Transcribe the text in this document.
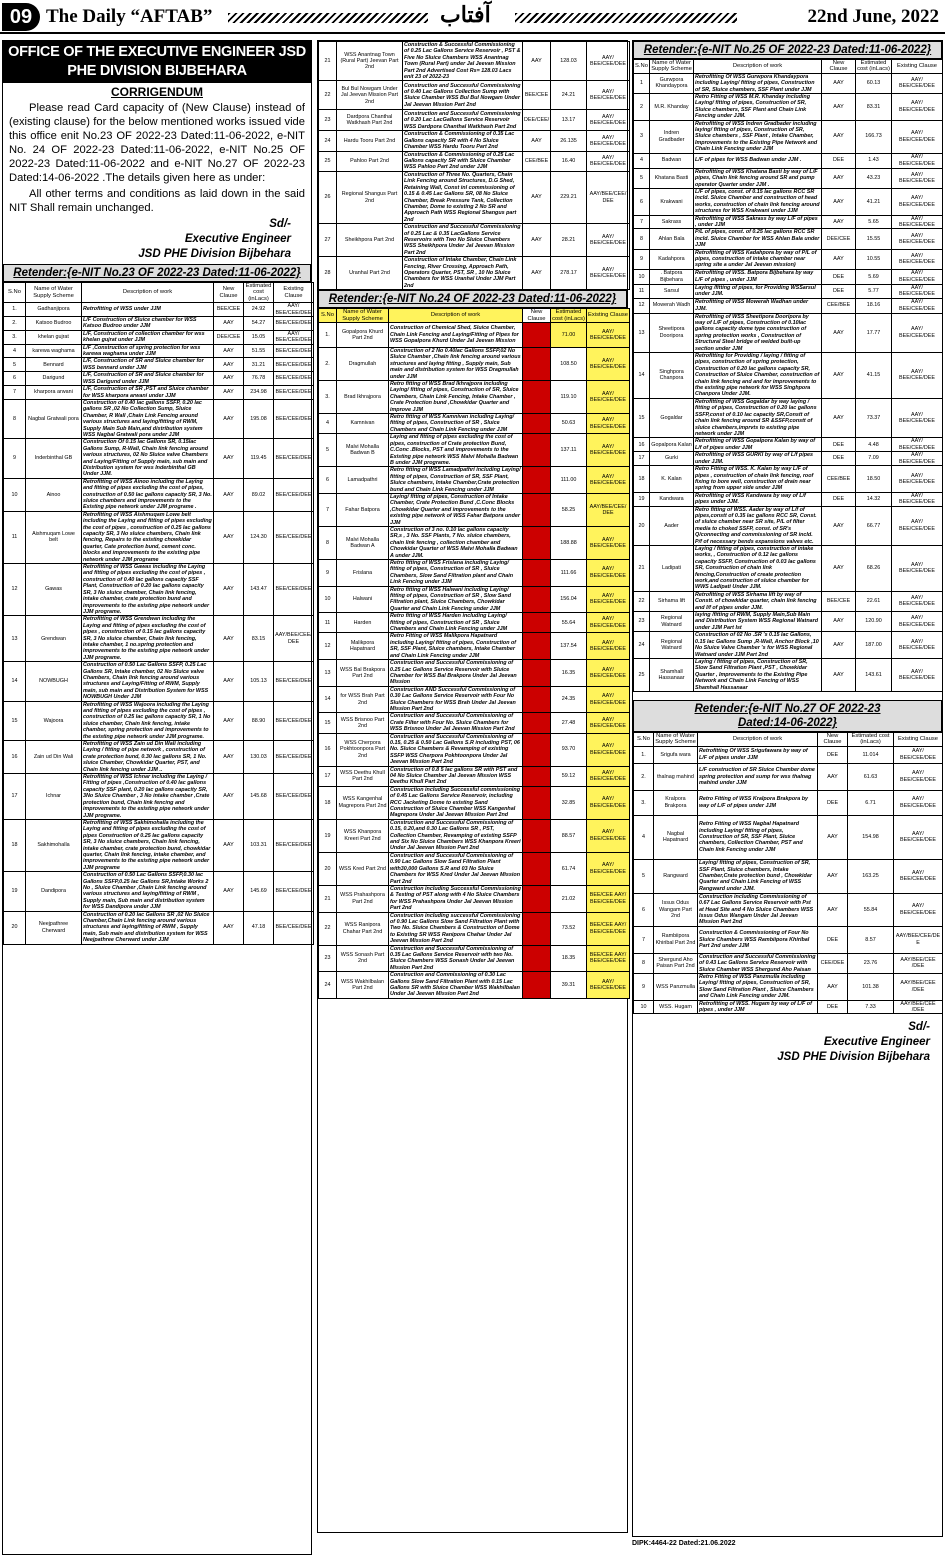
09 The Daily “AFTAB”	آفتاب	22nd June, 2022
OFFICE OF THE EXECUTIVE ENGINEER JSD PHE DIVISION BIJBEHARA
CORRIGENDUM
Please read Card capacity of (New Clause) instead of (existing clause) for the below mentioned works issued vide this office enit No.23 OF 2022-23 Dated:11-06-2022, e-NIT No. 24 OF 2022-23 Dated:11-06-2022, e-NIT No.25 OF 2022-23 Dated:11-06-2022 and e-NIT No.27 OF 2022-23 Dated:14-06-2022 .The details given here as under:
All other terms and conditions as laid down in the said NIT Shall remain unchanged.
Sd/-
Executive Engineer
JSD PHE Division Bijbehara
Retender:{e-NIT No.23 OF 2022-23 Dated:11-06-2022}
S.No	Name of Water Supply Scheme	Description of work	New Clause	Estimated cost (inLacs)	Existing Clause
1.	Gadhanjipora	Retrofitting of WSS under JJM	BEE/CEE	24.92	AAY/ BEE/CEE/DEE
2.	Katsoo Budroo	L/F Construction of Sluice chamber for WSS Katsoo Budroo under JJM	AAY	54.27	BEE/CEE/DEE
3.	khelan gujrat	L/F, Construction of collection chamber for wss khelan gujrat under JJM	DEE/CEE	15.05	AAY/ BEE/CEE/DEE
4	karewa waghama	L/F ,Construction of spring protection for wss karewa waghama under JJM	AAY	51.55	BEE/CEE/DEE
5	Bennard	L/F, Construction of SR and Sluice chamber for WSS bennard under JJM	AAY	31.21	BEE/CEE/DEE
6	Darigund	L/F, Construction of SR and Sluice chamber for WSS Darigund under JJM	AAY	76.78	BEE/CEE/DEE
7	kharpora arwani	L/F, Construction of SR ,PST and Sluice chamber for WSS kharpora arwani under JJM	AAY	234.98	BEE/CEE/DEE
8	Nagbal Gratwali pora	Construction of 0.40 lac gallons SSFP, 0.20 lac gallons SR ,02 No Collection Sump, Sluice Chamber, R Wall ,Chain Link Fencing around various structures and laying/fitting of RWM, Supply Main Sub Main,and distribution system WSS Nagbal Gratwali pora under JJM	AAY	195.08	BEE/CEE/DEE
9	Inderbinthal GB	Construction Of 0.15 lac Gallons SR, 0.15lac Gallons Sump, R-Wall, Chain link fencing around various structures, 02 No Sluice valve Chambers and Laying/Fitting of Supply main, sub main and Distribution system for wss Inderbinthal GB Under JJM.	AAY	119.45	BEE/CEE/DEE
10	Ainoo	Retrofitting of WSS Ainoo including the Laying and fitting of pipes excluding the cost of pipes, construction of 0.50 lac gallons capacity SR, 3 No. sluice chambers and improvements to the Existing pipe network under JJM programe .	AAY	89.02	BEE/CEE/DEE
11	Aishmuqam Lowe belt	Retrofitting of WSS Aishmuqam Lowe belt including the Laying and fitting of pipes excluding the cost of pipes , construction of 0.25 lac gallons capacity SR, 3 No sluice chambers, Chain link fencing, Repairs to the existing chowkidar quarter, Cate protection bund, cement conc. blocks and improvements to the existing pipe network under JJM programe	AAY	124.30	BEE/CEE/DEE
12	Gawas	Retrofitting of WSS Gawas including the Laying and fitting of pipes excluding the cost of pipes , construction of 0.40 lac gallons capacity SSF Plant, Construction of 0.20 lac gallons capacity SR, 3 No sluice chamber, Chain link fencing, intake chamber, crate protection bund and improvements to the existing pipe network under JJM programe.	AAY	143.47	BEE/CEE/DEE
13	Grendwan	Retrofitting of WSS Grendwan including the Laying and fitting of pipes excluding the cost of pipes , construction of 0.15 lac gallons capacity SR, 3 No sluice chamber, Chain link fencing, intake chamber, 1 no.spring protection and improvements to the existing pipe network under JJM programe.	AAY	83.15	AAY/BEE/CEE/ DEE
14	NOWBUGH	Construction of 0.50 Lac Gallons SSFP, 0.25 Lac Gallons SR, Intake chamber, 02 No Sluice valve Chambers, Chain link fencing around various structures and Laying/Fitting of RWM, Supply main, sub main and Distribution System for WSS NOWBUGH Under JJM	AAY	105.13	BEE/CEE/DEE
15	Wajoora	Retrofitting of WSS Wajoora including the Laying and fitting of pipes excluding the cost of pipes , construction of 0.25 lac gallons capacity SR, 1 No sluice chamber, Chain link fencing, intake chamber, spring protection and improvements to the existing pipe network under JJM programe.	AAY	88.90	BEE/CEE/DEE
16	Zain ud Din Wali	Retrofitting of WSS Zain ud Din Wali including Laying / fitting of pipe network , construction of crate protection bund, 0.30 lac gallons SR, 1 No. sluice Chamber, Chowkidar Quarter, PST, and Chain link fencing under JJM ..	AAY	130.03	BEE/CEE/DEE
17	Ichnar	Retrofitting of WSS Ichnar including the Laying / Fitting of pipes ,Construction of 0.40 lac gallons capacity SSF plant, 0.20 lac gallons capacity SR, 3No Sluice Chamber , 3 No intake chamber ,Crate protection bund, Chain link fencing and improvements to the existing pipe network under JJM programe.	AAY	145.68	BEE/CEE/DEE
18	Sakhimohalla	Retrofitting of WSS Sakhimohalla including the Laying and fitting of pipes excluding the cost of pipes Construction of 0.25 lac gallons capacity SR, 3 No sluice chambers, Chain link fencing, intake chamber, crate protection bund, chowkidar quarter, Chain link fencing, intake chamber, and improvements to the existing pipe network under JJM programe	AAY	103.31	BEE/CEE/DEE
19	Dandipora	Construction of 0.50 Lac Gallons SSFP,0.30 lac Gallons SSFP,0.25 lac Gallons SR,Intake Works 2 No , Sluice Chamber ,Chain Link fencing around various structures and laying/fitting of RWM , Supply main, Sub main and distribution system for WSS Dandipora under JJM	AAY	145.69	BEE/CEE/DEE
20	Neejpathree Cherward	Construction of 0.20 lac Gallons SR ,02 No Sluice Chamber,Chain Link fencing around various structures and laying/fitting of RWM , Supply main, Sub main and distribution system for WSS Neejpathree Cherward under JJM	AAY	47.18	BEE/CEE/DEE
21	WSS Anantnag Town (Rural Part) Jeevan Part 2nd	Construction & Successful Commissioning of 0.25 Lac Gallons Service Reservoir , PST & Five No Sluice Chambers WSS Anantnag Town (Rural Part) under Jal Jeevan Mission Part 2nd Advertised Cost Rs= 128.03 Lacs enit 23 of 2022-23	AAY	128.03	AAY/ BEE/CEE/DEE
22	Bul Bul Nowgam Under Jal Jeevan Mission Part 2nd	Construction and Successful Commissioning of 0.40 Lac Gallons Collection Sump with Sluice Chamber WSS Bul Bul Nowgam Under Jal Jeevan Mission Part 2nd	BEE/CEE	24.21	AAY/ BEE/CEE/DEE
23	Dardpora Chanthal Watkhash Part 2nd	Construction and Successful Commissioning of 0.20 Lac LacGallons Service Reservoir WSS Dardpora Chanthal Watkhash Part 2nd	DEE/CEE/	13.17	AAY/ BEE/CEE/DEE
24	Hardu Tooru Part 2nd	Construction & Commissioning of 0.35 Lac Gallons capacity SR with 4 No Sluice Chamber WSS Hardu Tooru Part 2nd	AAY	26.135	AAY/ BEE/CEE/DEE
25	Pahloo Part 2nd	Construction & Commissioning of 0.25 Lac Gallons capacity SR with Sluice Chamber WSS Pahloo Part 2nd under JJM	CEE/BEE	16.40	AAY/ BEE/CEE/DEE
26	Regional Shangus Part 2nd	Construction of Three No. Quarters, Chain Link Fencing around Structures, D.G Shed, Retaining Wall, Const inl commissioning of 0.15 & 0.45 Lac Gallons SR, 08 No Sluice Chamber, Break Pressure Tank, Collection Chamber, Dome to existing 2 No SR and Approach Path WSS Regional Shangus part 2nd	AAY	229.21	AAY/BEE/CEE/ DEE
27	Sheikhpora Part 2nd	Construction and Successful Commissioning of 0.25 Lac & 0.35 LacGallons Service Reservoirs with Two No Sluice Chambers WSS Sheikhpora Under Jal Jeevan Mission Part 2nd	AAY	28.21	AAY/ BEE/CEE/DEE
28	Uranhal Part 2nd	Construction of Intake Chamber, Chain Link Fencing, River Crossing, Approach Path, Operators Quarter, PST, SR , 10 No Sluice Chambers for WSS Uranhal Under JJM Part 2nd	AAY	278.17	AAY/ BEE/CEE/DEE
Retender:{e-NIT No.24 OF 2022-23 Dated:11-06-2022}
S.No	Name of Water Supply Scheme	Description of work	New Clause	Estimated cost (inLacs)	Existing Clause
1.	Gopalpora Khurd Part 2nd	Construction of Chemical Shed, Sluice Chamber, Chain Link Fencing and Laying/Fitting of Pipes for WSS Gopalpora Khurd Under Jal Jeevan Mission	AAY	71.00	AAY/ BEE/CEE/DEE
2.	Dragmullah	Construction of 2 No 0.40lac Gallons SSFP,02 No Sluice Chamber ,Chain link fencing around various structures and laying fitting , Supply main, Sub main and distribution system for WSS Dragmullah under JJM	AAY	108.50	AAY/ BEE/CEE/DEE
3.	Brad Ikhrajpora	Retro fitting of WSS Brad Ikhrajpora including Laying/ fitting of pipes, Construction of SR, Sluice Chambers, Chain Link Fencing, Intake Chamber , Crate Protection bund ,Chowkidar Quarter and improve JJM	AAY	119.10	AAY/ BEE/CEE/DEE
4	Kamnivan	Retro fitting of WSS Kamnivan including Laying/ fitting of pipes, Construction of SR , Sluice Chambers and Chain Link Fencing under JJM	AAY	50.63	AAY/ BEE/CEE/DEE
5	Malvi Mohalla Badwan B	Laying and fitting of pipes excluding the cost of pipes, construction of Crate protection Bund, C.Conc .Blocks, PST and improvements to the Existing pipe network WSS Malvi Mohalla Badwan B under JJM programe.	AAY	137.11	AAY/ BEE/CEE/DEE
6	Lamadpathri	Retro fitting of WSS Lamadpathri including Laying/ fitting of pipes, Construction of SR, SSF Plant, Sluice chambers, Intake Chamber,Crate protection bund and Chain Link Fencing under JJM	AAY	111.00	AAY/ BEE/CEE/DEE
7	Fahar Batpora	Laying/ fitting of pipes, Construction of Intake Chamber, Crate Protection Bund ,C.Conc Blocks ,Chowkidar Quarter and improvements to the existing pipe network of WSS Fahar Batpora under JJM	AAY	58.25	AAY/BEE/CEE/ DEE
8	Malvi Mohalla Badwan A	Construction of 3 no. 0.10 lac gallons capacity SR,s , 3 No. SSF Plants, 7 No. sluice chambers, chain link fencing , collection chamber and Chowkidar Quarter of WSS Malvi Mohalla Badwan A under JJM.	AAY	188.88	AAY/ BEE/CEE/DEE
9	Frislana	Retro fitting of WSS Frislana including Laying/ fitting of pipes, Construction of SR , Sluice Chambers, Slow Sand Filtration plant and Chain Link Fencing under JJM	AAY	111.66	AAY/ BEE/CEE/DEE
10	Halwani	Retro fitting of WSS Halwani including Laying/ fitting of pipes, Construction of SR , Slow Sand Filtration plant, Sluice Chambers, Chowkidar Quarter and Chain Link Fencing under JJM	AAY	156.04	AAY/ BEE/CEE/DEE
11	Harden	Retro fitting of WSS Harden including Laying/ fitting of pipes, Construction of SR , Sluice Chambers and Chain Link Fencing under JJM	AAY	55.64	AAY/ BEE/CEE/DEE
12	Malikpora Hapatnard	Retro Fitting of WSS Malikpora Hapatnard including Laying/ fitting of pipes, Construction of SR, SSF Plant, Sluice chambers, Intake Chamber and Chain Link Fencing under JJM	AAY	137.54	AAY/ BEE/CEE/DEE
13	WSS Bal Brakpora Part 2nd	Construction and Successful Commissioning of 0.25 Lac Gallons Service Reservoir with Sluice Chamber for WSS Bal Brakpora Under Jal Jeevan Mission	CEE/BEE	16.35	AAY/ BEE/CEE/DEE
14	for WSS Brah Part 2nd	Construction AND Successful Commissioning of 0.30 Lac Gallons Service Reservoir with Four No Sluice Chambers for WSS Brah Under Jal Jeevan Mission Part 2nd	BEE/CEE	24.35	AAY/ BEE/CEE/DEE
15	WSS Brisnoo Part 2nd	Construction and Successful Commissioning of Crate Filter with Four No. Sluice Chambers for WSS Brisnoo Under Jal Jeevan Mission Part 2nd	AAY	27.48	AAY/ BEE/CEE/DEE
16	WSS Cherpora Pokhtoonpora Part 2nd	Construction and Successful Commissioning of 0.15, 0.25 & 0.50 Lac Gallons S.R including PST, 06 No. Sluice Chambers & Revamping of existing SSFP WSS Cherpora Pokhtoonpora Under Jal Jeevan Mission Part 2nd	AAY	93.70	AAY/ BEE/CEE/DEE
17	WSS Deethu Khull Part 2nd	Construction of 0.8 5 lac gallons SR with PST and 04 No Sluice Chamber Jal Jeevan Mission WSS Deethu Khull Part 2nd	AAY	59.12	AAY/ BEE/CEE/DEE
18	WSS Kangenhal Magrepora Part 2nd	Construction including Successful commissioning of 0.45 Lac Gallons Service Reservoir, including RCC Jacketing Dome to existing Sand Construction of Sluice Chamber WSS Kangenhal Magrepora Under Jal Jeevan Mission Part 2nd	AAY	32.85	AAY/ BEE/CEE/DEE
19	WSS Khanpora Kreeri Part 2nd	Construction and Successful Commissioning of 0.15, 0.20,and 0.30 Lac Gallons SR , PST, Collection Chamber, Revamping of existing SSFP and Six No Sluice Chambers WSS Khanpora Kreeri Under Jal Jeevan Mission Part 2nd	AAY	88.57	AAY/ BEE/CEE/DEE
20	WSS Kred Part 2nd	Construction and Successful Commissioning of 0.90 Lac Gallons Slow Sand Filtration Plant with30,000 Gallons S.R and 03 No Sluice Chambers for WSS Kred Under Jal Jeevan Mission Part 2nd	AAY	61.74	AAY/ BEE/CEE/DEE
21	WSS Prahashpora Part 2nd	Construction including Successful Commissioning & Testing of PST along with 4 No Sluice Chambers for WSS Prahashpora Under Jal Jeevan Mission Part 2nd	AAY	21.02	BEE/CEE AAY/ BEE/CEE/DEE
22	WSS Ranipora Chahar Part 2nd	Construction including successful Commissioning of 0.90 Lac Gallons Slow Sand Filtration Plant with Two No. Sluice Chambers & Construction of Dome to Existing SR WSS Ranipora Chahar Under Jal Jeevan Mission Part 2nd	AAY	73.52	BEE/CEE AAY/ BEE/CEE/DEE
23	WSS Sonash Part 2nd	Construction and Successful Commissioning of 0.35 Lac Gallons Service Reservoir with two No. Sluice Chambers WSS Sonash Under Jal Jeevan Mission Part 2nd	AAY	18.35	BEE/CEE AAY/ BEE/CEE/DEE
24	WSS Wakhilbalan Part 2nd	Construction and Commissioning of 0.30 Lac Gallons Slow Sand Filtration Plant with 0.15 Lac Gallons SR with Sluice Chamber WSS Wakhilbalan Under Jal Jeevan Mission Part 2nd	AAY	39.31	AAY/ BEE/CEE/DEE
Retender:{e-NIT No.25 OF 2022-23 Dated:11-06-2022}
S.No	Name of Water Supply Scheme	Description of work	New Clause	Estimated cost (inLacs)	Existing Clause
1	Gurwpora Khandaypora	Retrofitting Of WSS Gurwpora Khandaypora including Laying/ fitting of pipes, Construction of SR, Sluice chambers, SSF Plant under JJM	AAY	60.13	AAY/ BEE/CEE/DEE
2	M.R. Khanday	Retro Fitting of WSS M.R. Khanday including Laying/ fitting of pipes, Construction of SR, Sluice chambers, SSF Plant and Chain Link Fencing under JJM.	AAY	83.31	AAY/ BEE/CEE/DEE
3	Indren Gradbader	Retrofitting of WSS Indren Gradbader including laying/ fitting of pipes, Construction of SR, Sluice chambers , SSF Plant , Intake Chamber, Improvements to the Existing Pipe Network and Chain Link Fencing under JJM	AAY	166.73	AAY/ BEE/CEE/DEE
4	Badwan	L/F of pipes for WSS Badwan under JJM .	DEE	1.43	AAY/ BEE/CEE/DEE
5	Khatana Basti	Retrofitting of WSS Khatana Basti by way of L/F pipes, Chain link fencing around SR and pump operator Quarter under JJM .	AAY	43.23	AAY/ BEE/CEE/DEE
6	Krakwani	L/F of pipes, const. of 0.15 lac gallons RCC SR incld. Sluice Chamber and construction of head works, construction of chain link fencing around structures for WSS Krakwani under JJM	AAY	41.21	AAY/ BEE/CEE/DEE
7	Sakrass	Retrofitting of WSS Sakrass by way L/F of pipes , under JJM	AAY	5.65	AAY/ BEE/CEE/DEE
8	Ahlan Bala	P/L of pipes, const. of 0.25 lac gallons RCC SR incld. Sluice Chamber for WSS Ahlan Bala under JJM	DEE/CEE	15.55	AAY/ BEE/CEE/DEE
9	Kadahpora	Retrofitting of WSS Kadahpora by way of P/L of pipes, construction of intake chamber near spring site a under Jal Jeevan mission)	AAY	10.55	AAY/ BEE/CEE/DEE
10	. Batpora Bijbehara	Retrofitting of WSS. Batpora Bijbehara by way L/F of pipes , under JJM	DEE	5.69	AAY/ BEE/CEE/DEE
11	Sarsul	Laying /fitting of pipes, for Providing WSSarsul under JJM.	DEE	5.77	AAY/ BEE/CEE/DEE
12	Mowerah Wadh	Retrofitting of WSS Mowerah Wadhan under JJM.	CEE/BEE	18.16	AAY/ BEE/CEE/DEE
13	Sheetipora Dooripora	Retrofitting of WSS Sheetipora Dooripora by way of L/F of pipes, Construction of 0.10lac gallons capacity dome type construction of spring protection works , Construction of Structural Steel bridge of welded built-up section under JJM	AAY	17.77	AAY/ BEE/CEE/DEE
14	Singhpora Chanpora	Retrofitting for Providing / laying / fitting of pipes, construction of spring protection, Construction of 0.20 lac gallons capacity SR, Construction of Sluice Chamber, construction of chain link fencing and and for improvements to the existing pipe network for WSS Singhpora Chanpora Under JJM.	AAY	41.15	AAY/ BEE/CEE/DEE
15	Gogaldar	Retrofitting of WSS Gogaldar by way laying / fitting of pipes, Construction of 0.20 lac gallons SSFP,const of 0.10 lac capacity SR,Constt of chain link fencing around SR &SSFP,constt of sluice chambers,imprvts to existing pipe network under JJM	AAY	73.37	AAY/ BEE/CEE/DEE
16	Gopalpora Kalan	Retrofitting of WSS Gopalpora Kalan by way of L/f of pipes under JJM	DEE	4.48	AAY/ BEE/CEE/DEE
17	Gurki	Retrofitting of WSS GURKI by way of L/f pipes under JJM.	DEE	7.09	AAY/ BEE/CEE/DEE
18	K. Kalan	Retro Fitting of WSS. K. Kalan by way L/F of pipes , construction of chain link fencing, roof fixing to bore well, construction of drain near spring from upper side under JJM	CEE/BEE	18.50	AAY/ BEE/CEE/DEE
19	Kandwara	Retrofitting of WSS Kandwara by way of L/f pipes under JJM.	DEE	14.32	AAY/ BEE/CEE/DEE
20	Aader	Retro fitting of WSS. Aader by way of L/f of pipes,constt of 0.35 lac gallons RCC SR, Const. of sluice chamber near SR site, P/L of filter media to choked SSFP, const. of SR's Q/connecting and commissioning of SR incld. P/f of necessary bends expansions valves etc.	AAY	66.77	AAY/ BEE/CEE/DEE
21	Ladipati	Laying / fitting of pipes, construction of intake works, , Construction of 0.12 lac gallons capacity SSFP, Construction of 0.03 lac gallons SR, Construction of chain link fencing,Construction of create protection work,and construction of sluice chamber for WWS Ladipati Under JJM.	AAY	68.26	AAY/ BEE/CEE/DEE
22	Sirhama lift	Retrofitting of WSS Sirhama lift by way of Constt. of chowkidar quarter, chain link fencing and l/f of pipes under JJM.	BEE/CEE	22.61	AAY/ BEE/CEE/DEE
23	Regional Watnard	laying /fitting of RWM, Supply Main,Sub Main and Distribution System WSS Regional Watnard under JJM Part Ist	AAY	120.90	AAY/ BEE/CEE/DEE
24	Regional Watnard	Construction of 02 No .SR 's 0.15 lac Gallons, 0.15 lac Gallons Sump ,R-Wall, Anchor Block ,10 No Sluice Valve Chamber 's for WSS Regional Watnard under JJM Part 2nd	AAY	187.00	AAY/ BEE/CEE/DEE
25	Shamhall Hassanaar	Laying / fitting of pipes, Construction of SR, Slow Sand Filtration Plant ,PST , Chowkidar Quarter , Improvements to the Existing Pipe Network and Chain Link Fencing of WSS Shamhall Hassanaar	AAY	143.61	AAY/ BEE/CEE/DEE
Retender:{e-NIT No.27 OF 2022-23
Dated:14-06-2022}
S.No	Name of Water Supply Scheme	Description of work	New Clause	Estimated cost (inLacs)	Existing Clause
1.	Srigufa wara	Retrofitting Of WSS Srigufawara by way of L/F of pipes under JJM	DEE	11.014	AAY/ BEE/CEE/DEE
2.	thalnag mahind	L/F construction of SR Sluice Chamber dome spring protection and sump for wss thalnag mahind under JJM	AAY	61.63	AAY/ BEE/CEE/DEE
3.	Kralpora Brakpora	Retro Fitting of WSS Kralpora Brakpora by way of L/F of pipes under JJM	DEE	6.71	AAY/ BEE/CEE/DEE
4	Nagbal Hapatnard	Retro Fitting of WSS Nagbal Hapatnard including Laying/ fitting of pipes, Construction of SR, SSF Plant, Sluice chambers, Collection Chamber, PST and Chain link Fencing under JJM	AAY	154.98	AAY/ BEE/CEE/DEE
5	Rangward	Laying/ fitting of pipes, Construction of SR, SSF Plant, Sluice chambers, Intake Chamber,Crate protection bund , Chowkidar Quarter and Chain Link Fencing of WSS Rangward under JJM.	AAY	163.25	AAY/ BEE/CEE/DEE
6	Issus Odus Wangam Part 2nd	Construction including Commissioning of 0.67 Lac Gallons Service Reservoir with Pst at Head Site and 4 No Sluice Chambers WSS Issus Odus Wangam Under Jal Jeevan Mission Part 2nd	AAY	55.84	AAY/ BEE/CEE/DEE
7	Rambiipora Khiribal Part 2nd	Construction & Commissioning of Four No Sluice Chambers WSS Rambiipora Khiribal Part 2nd under JJM	DEE	8.57	AAY/BEE/CEE/DE E
8	Shergund Aho Paisan Part 2nd	Construction and Successful Commissioning of 0.43 Lac Gallons Service Reservoir with Sluice Chamber WSS Shergund Aho Paisan	CEE/DEE	23.76	AAY/BEE/CEE /DEE
9	WSS Panzmulla	Retro Fitting of WSS Panzmulla including Laying/ fitting of pipes, Construction of SR, Slow Sand Filtration Plant , Sluice Chambers and Chain Link Fencing under JJM.	AAY	101.38	AAY/BEE/CEE /DEE
10	WSS. Hugam	Retrofitting of WSS. Hugam by way of L/F of pipes , under JJM	DEE	7.33	AAY/BEE/CEE /DEE
Sd/-
Executive Engineer
JSD PHE Division Bijbehara
DIPK:4464-22 Dated:21.06.2022
